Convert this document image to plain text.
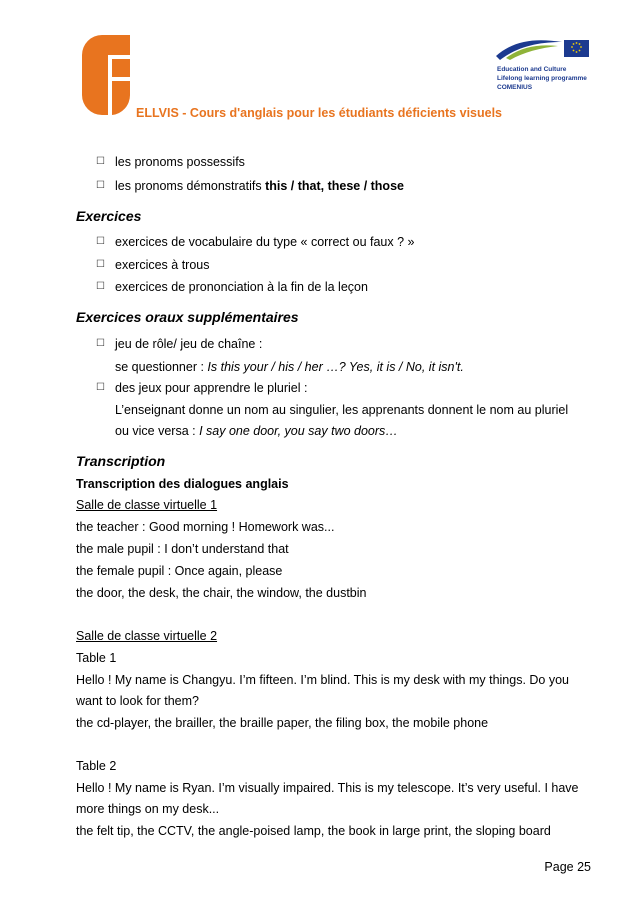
Education and Culture
Lifelong learning programme
COMENIUS
ELLVIS - Cours d'anglais pour les étudiants déficients visuels
☐ les pronoms possessifs
☐ les pronoms démonstratifs this / that, these / those
Exercices
☐ exercices de vocabulaire du type « correct ou faux ? »
☐ exercices à trous
☐ exercices de prononciation à la fin de la leçon
Exercices oraux supplémentaires
☐ jeu de rôle/ jeu de chaîne :
se questionner : Is this your / his / her …? Yes, it is / No, it isn't.
☐ des jeux pour apprendre le pluriel :
L’enseignant donne un nom au singulier, les apprenants donnent le nom au pluriel
ou vice versa : I say one door, you say two doors…
Transcription
Transcription des dialogues anglais
Salle de classe virtuelle 1
the teacher : Good morning ! Homework was...
the male pupil : I don’t understand that
the female pupil : Once again, please
the door, the desk, the chair, the window, the dustbin
Salle de classe virtuelle 2
Table 1
Hello ! My name is Changyu. I’m fifteen. I’m blind. This is my desk with my things. Do you
want to look for them?
the cd-player, the brailler, the braille paper, the filing box, the mobile phone
Table 2
Hello ! My name is Ryan. I’m visually impaired. This is my telescope. It’s very useful. I have
more things on my desk...
the felt tip, the CCTV, the angle-poised lamp, the book in large print, the sloping board
Page 25
